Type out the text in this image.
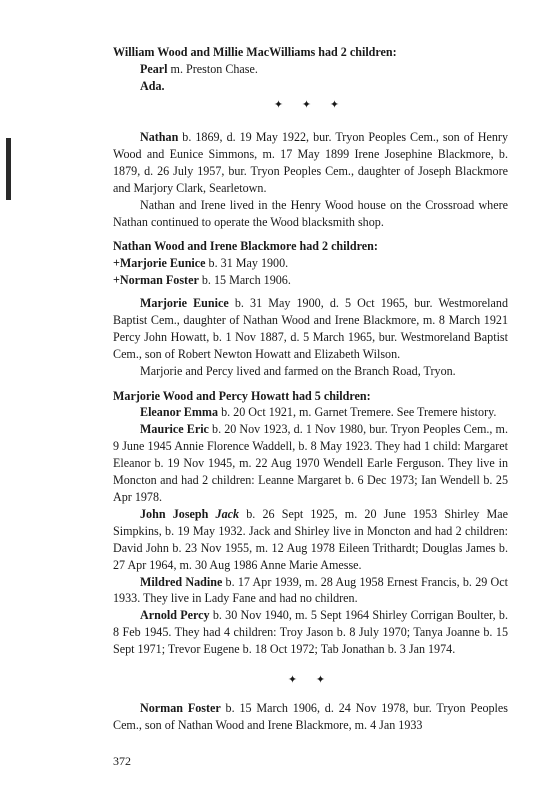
William Wood and Millie MacWilliams had 2 children:

Pearl m. Preston Chase.

Ada.

✦ ✦ ✦

Nathan b. 1869, d. 19 May 1922, bur. Tryon Peoples Cem., son of Henry Wood and Eunice Simmons, m. 17 May 1899 Irene Josephine Blackmore, b. 1879, d. 26 July 1957, bur. Tryon Peoples Cem., daughter of Joseph Blackmore and Marjory Clark, Searletown.

Nathan and Irene lived in the Henry Wood house on the Crossroad where Nathan continued to operate the Wood blacksmith shop.

Nathan Wood and Irene Blackmore had 2 children:

+Marjorie Eunice b. 31 May 1900.

+Norman Foster b. 15 March 1906.

Marjorie Eunice b. 31 May 1900, d. 5 Oct 1965, bur. Westmoreland Baptist Cem., daughter of Nathan Wood and Irene Blackmore, m. 8 March 1921 Percy John Howatt, b. 1 Nov 1887, d. 5 March 1965, bur. Westmoreland Baptist Cem., son of Robert Newton Howatt and Elizabeth Wilson.

Marjorie and Percy lived and farmed on the Branch Road, Tryon.

Marjorie Wood and Percy Howatt had 5 children:

Eleanor Emma b. 20 Oct 1921, m. Garnet Tremere. See Tremere history.

Maurice Eric b. 20 Nov 1923, d. 1 Nov 1980, bur. Tryon Peoples Cem., m. 9 June 1945 Annie Florence Waddell, b. 8 May 1923. They had 1 child: Margaret Eleanor b. 19 Nov 1945, m. 22 Aug 1970 Wendell Earle Ferguson. They live in Moncton and had 2 children: Leanne Margaret b. 6 Dec 1973; Ian Wendell b. 25 Apr 1978.

John Joseph Jack b. 26 Sept 1925, m. 20 June 1953 Shirley Mae Simpkins, b. 19 May 1932. Jack and Shirley live in Moncton and had 2 children: David John b. 23 Nov 1955, m. 12 Aug 1978 Eileen Trithardt; Douglas James b. 27 Apr 1964, m. 30 Aug 1986 Anne Marie Amesse.

Mildred Nadine b. 17 Apr 1939, m. 28 Aug 1958 Ernest Francis, b. 29 Oct 1933. They live in Lady Fane and had no children.

Arnold Percy b. 30 Nov 1940, m. 5 Sept 1964 Shirley Corrigan Boulter, b. 8 Feb 1945. They had 4 children: Troy Jason b. 8 July 1970; Tanya Joanne b. 15 Sept 1971; Trevor Eugene b. 18 Oct 1972; Tab Jonathan b. 3 Jan 1974.

✦ ✦

Norman Foster b. 15 March 1906, d. 24 Nov 1978, bur. Tryon Peoples Cem., son of Nathan Wood and Irene Blackmore, m. 4 Jan 1933

372
